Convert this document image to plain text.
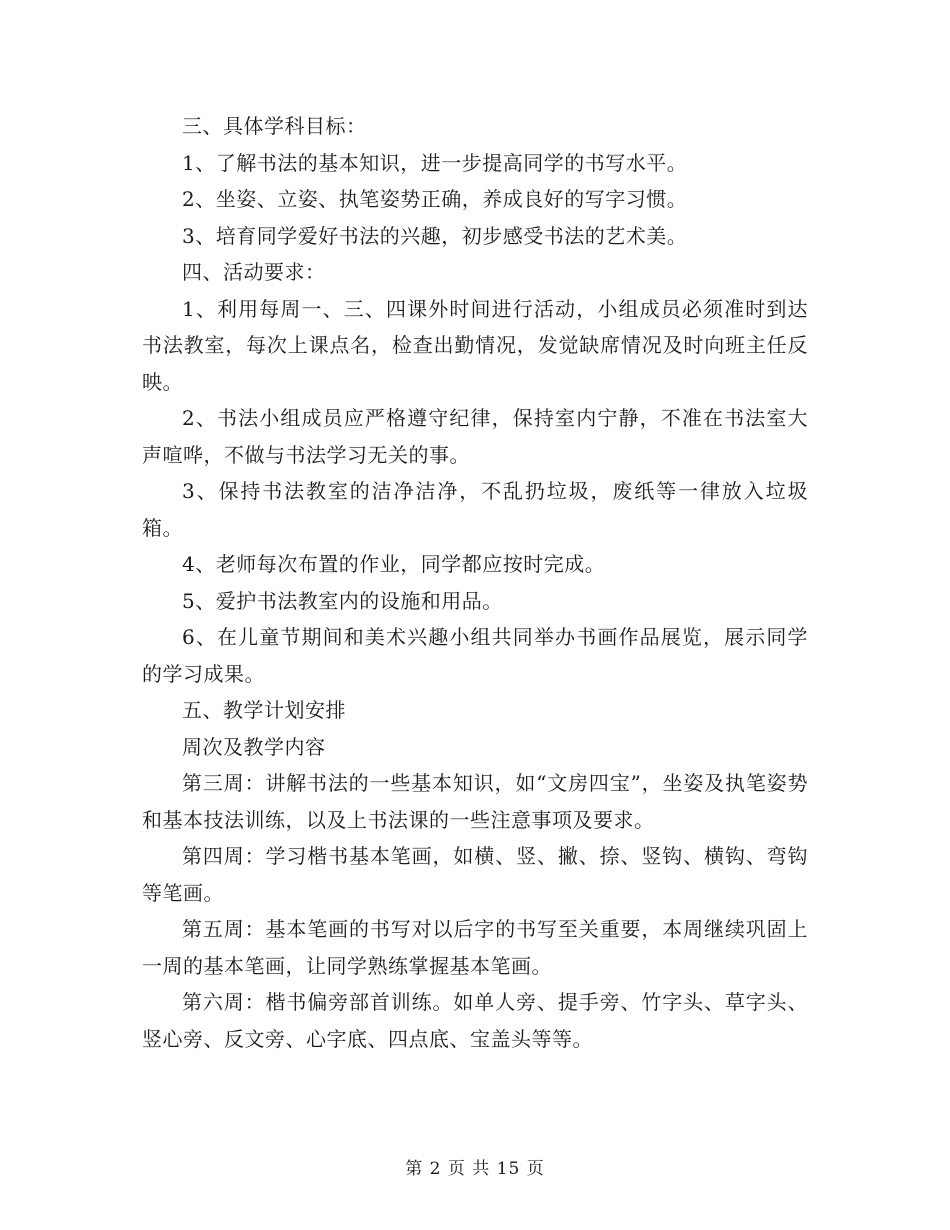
三、具体学科目标：

1、了解书法的基本知识，进一步提高同学的书写水平。

2、坐姿、立姿、执笔姿势正确，养成良好的写字习惯。

3、培育同学爱好书法的兴趣，初步感受书法的艺术美。

四、活动要求：

1、利用每周一、三、四课外时间进行活动，小组成员必须准时到达书法教室，每次上课点名，检查出勤情况，发觉缺席情况及时向班主任反映。

2、书法小组成员应严格遵守纪律，保持室内宁静，不准在书法室大声喧哗，不做与书法学习无关的事。

3、保持书法教室的洁净洁净，不乱扔垃圾，废纸等一律放入垃圾箱。

4、老师每次布置的作业，同学都应按时完成。

5、爱护书法教室内的设施和用品。

6、在儿童节期间和美术兴趣小组共同举办书画作品展览，展示同学的学习成果。

五、教学计划安排

周次及教学内容

第三周：讲解书法的一些基本知识，如“文房四宝”，坐姿及执笔姿势和基本技法训练，以及上书法课的一些注意事项及要求。

第四周：学习楷书基本笔画，如横、竖、撇、捺、竖钩、横钩、弯钩等笔画。

第五周：基本笔画的书写对以后字的书写至关重要，本周继续巩固上一周的基本笔画，让同学熟练掌握基本笔画。

第六周：楷书偏旁部首训练。如单人旁、提手旁、竹字头、草字头、竖心旁、反文旁、心字底、四点底、宝盖头等等。

第 2 页 共 15 页
